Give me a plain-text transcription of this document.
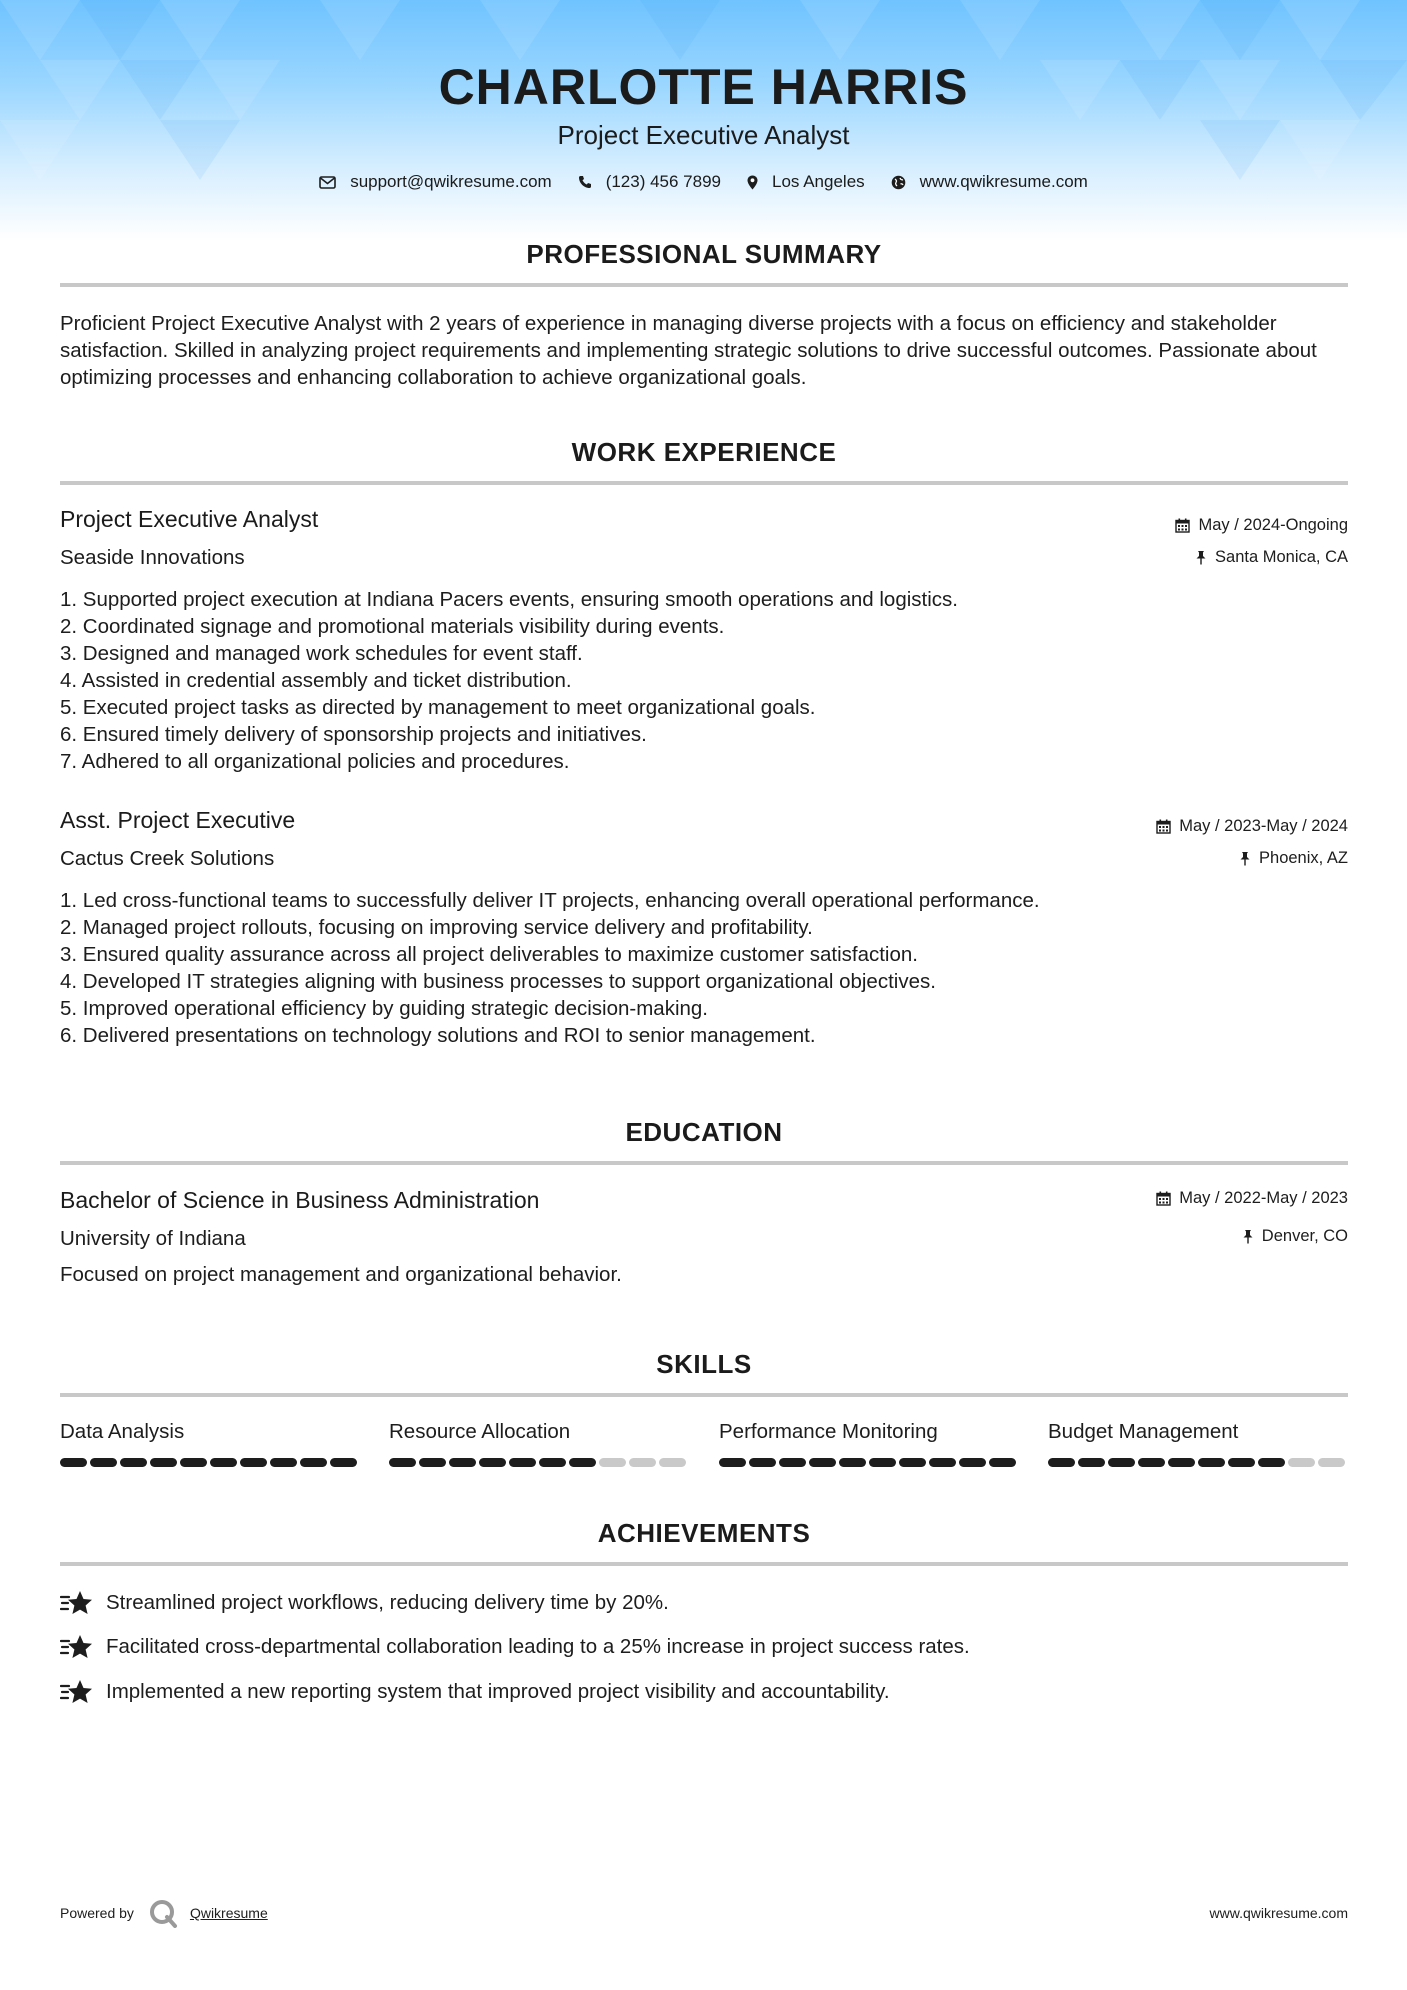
CHARLOTTE HARRIS
Project Executive Analyst
support@qwikresume.com	(123) 456 7899	Los Angeles	www.qwikresume.com
PROFESSIONAL SUMMARY
Proficient Project Executive Analyst with 2 years of experience in managing diverse projects with a focus on efficiency and stakeholder satisfaction. Skilled in analyzing project requirements and implementing strategic solutions to drive successful outcomes. Passionate about optimizing processes and enhancing collaboration to achieve organizational goals.
WORK EXPERIENCE
Project Executive Analyst	May / 2024-Ongoing
Seaside Innovations	Santa Monica, CA
1. Supported project execution at Indiana Pacers events, ensuring smooth operations and logistics.
2. Coordinated signage and promotional materials visibility during events.
3. Designed and managed work schedules for event staff.
4. Assisted in credential assembly and ticket distribution.
5. Executed project tasks as directed by management to meet organizational goals.
6. Ensured timely delivery of sponsorship projects and initiatives.
7. Adhered to all organizational policies and procedures.
Asst. Project Executive	May / 2023-May / 2024
Cactus Creek Solutions	Phoenix, AZ
1. Led cross-functional teams to successfully deliver IT projects, enhancing overall operational performance.
2. Managed project rollouts, focusing on improving service delivery and profitability.
3. Ensured quality assurance across all project deliverables to maximize customer satisfaction.
4. Developed IT strategies aligning with business processes to support organizational objectives.
5. Improved operational efficiency by guiding strategic decision-making.
6. Delivered presentations on technology solutions and ROI to senior management.
EDUCATION
Bachelor of Science in Business Administration	May / 2022-May / 2023
University of Indiana	Denver, CO
Focused on project management and organizational behavior.
SKILLS
Data Analysis	Resource Allocation	Performance Monitoring	Budget Management
ACHIEVEMENTS
Streamlined project workflows, reducing delivery time by 20%.
Facilitated cross-departmental collaboration leading to a 25% increase in project success rates.
Implemented a new reporting system that improved project visibility and accountability.
Powered by	Qwikresume	www.qwikresume.com
